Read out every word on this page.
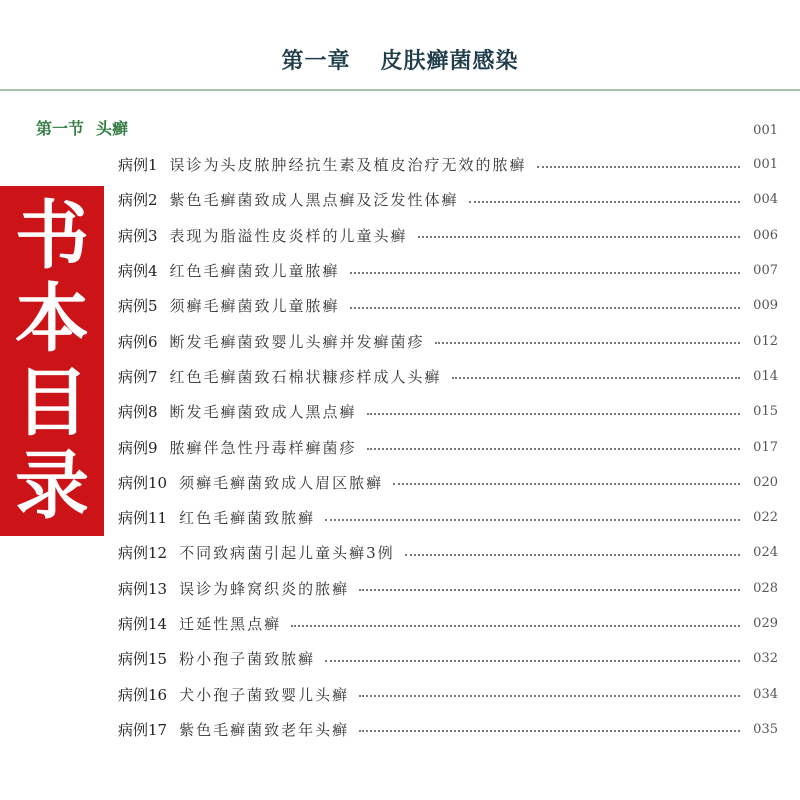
第一章 皮肤癣菌感染
第一节 头癣	001
病例1 误诊为头皮脓肿经抗生素及植皮治疗无效的脓癣	001
病例2 紫色毛癣菌致成人黑点癣及泛发性体癣	004
病例3 表现为脂溢性皮炎样的儿童头癣	006
病例4 红色毛癣菌致儿童脓癣	007
病例5 须癣毛癣菌致儿童脓癣	009
病例6 断发毛癣菌致婴儿头癣并发癣菌疹	012
病例7 红色毛癣菌致石棉状糠疹样成人头癣	014
病例8 断发毛癣菌致成人黑点癣	015
病例9 脓癣伴急性丹毒样癣菌疹	017
病例10 须癣毛癣菌致成人眉区脓癣	020
病例11 红色毛癣菌致脓癣	022
病例12 不同致病菌引起儿童头癣3例	024
病例13 误诊为蜂窝织炎的脓癣	028
病例14 迁延性黑点癣	029
病例15 粉小孢子菌致脓癣	032
病例16 犬小孢子菌致婴儿头癣	034
病例17 紫色毛癣菌致老年头癣	035
书
本
目
录
